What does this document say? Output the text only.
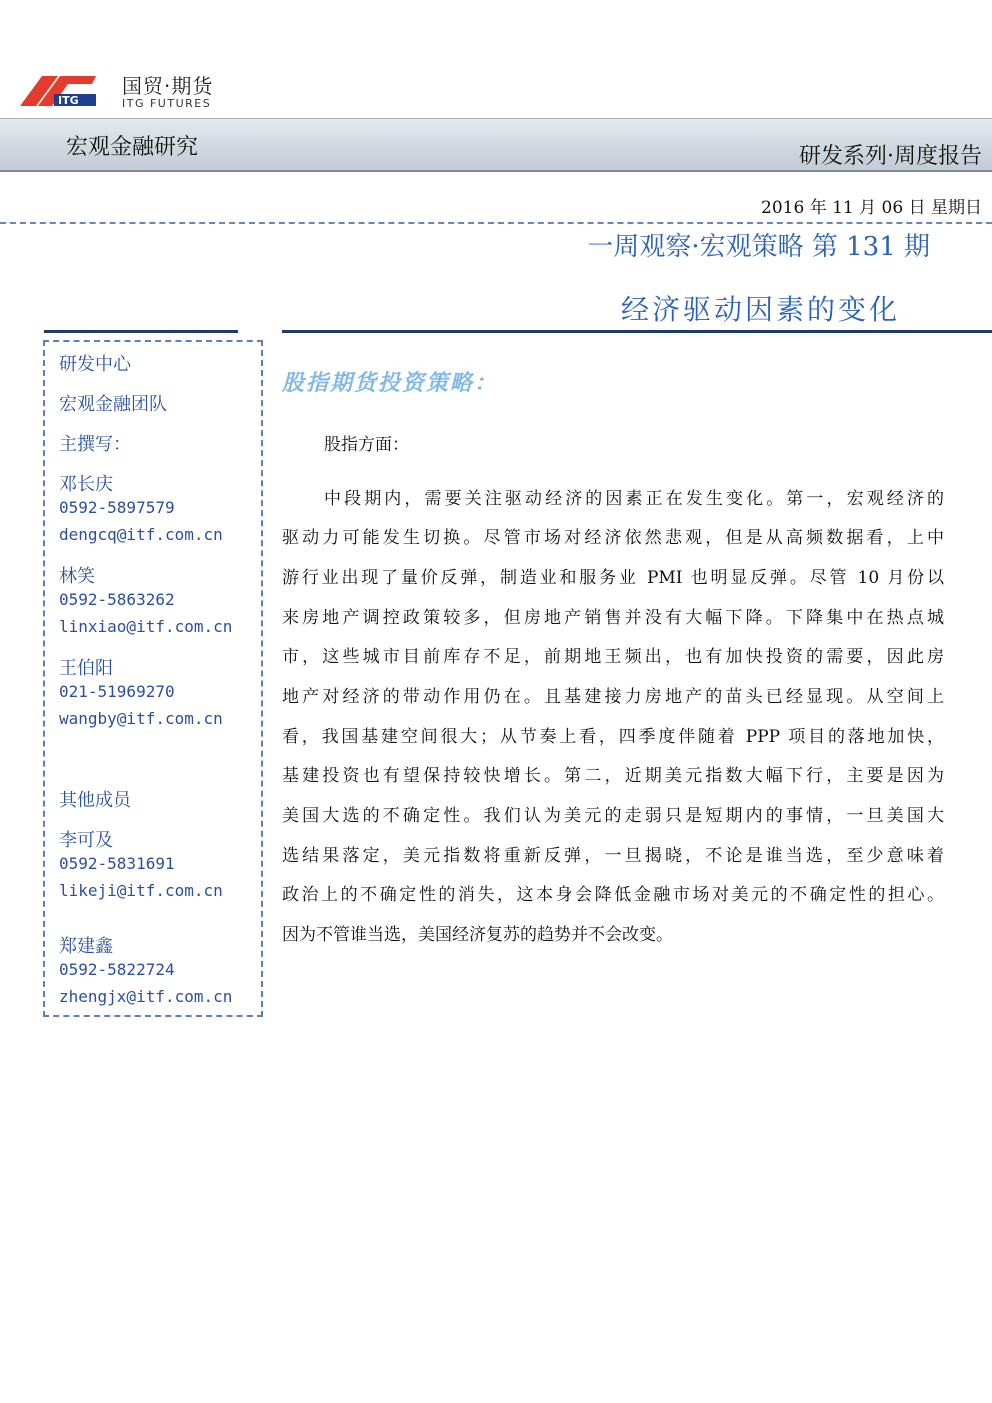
ITG
国贸·期货
ITG FUTURES
宏观金融研究	研发系列·周度报告
2016 年 11 月 06 日 星期日
一周观察·宏观策略 第 131 期
经济驱动因素的变化
研发中心
宏观金融团队
主撰写：
邓长庆
0592-5897579
dengcq@itf.com.cn
林笑
0592-5863262
linxiao@itf.com.cn
王伯阳
021-51969270
wangby@itf.com.cn
其他成员
李可及
0592-5831691
likeji@itf.com.cn
郑建鑫
0592-5822724
zhengjx@itf.com.cn
股指期货投资策略：
股指方面：
中段期内，需要关注驱动经济的因素正在发生变化。第一，宏观经济的
驱动力可能发生切换。尽管市场对经济依然悲观，但是从高频数据看，上中
游行业出现了量价反弹，制造业和服务业 PMI 也明显反弹。尽管 10 月份以
来房地产调控政策较多，但房地产销售并没有大幅下降。下降集中在热点城
市，这些城市目前库存不足，前期地王频出，也有加快投资的需要，因此房
地产对经济的带动作用仍在。且基建接力房地产的苗头已经显现。从空间上
看，我国基建空间很大；从节奏上看，四季度伴随着 PPP 项目的落地加快，
基建投资也有望保持较快增长。第二，近期美元指数大幅下行，主要是因为
美国大选的不确定性。我们认为美元的走弱只是短期内的事情，一旦美国大
选结果落定，美元指数将重新反弹，一旦揭晓，不论是谁当选，至少意味着
政治上的不确定性的消失，这本身会降低金融市场对美元的不确定性的担心。
因为不管谁当选，美国经济复苏的趋势并不会改变。
